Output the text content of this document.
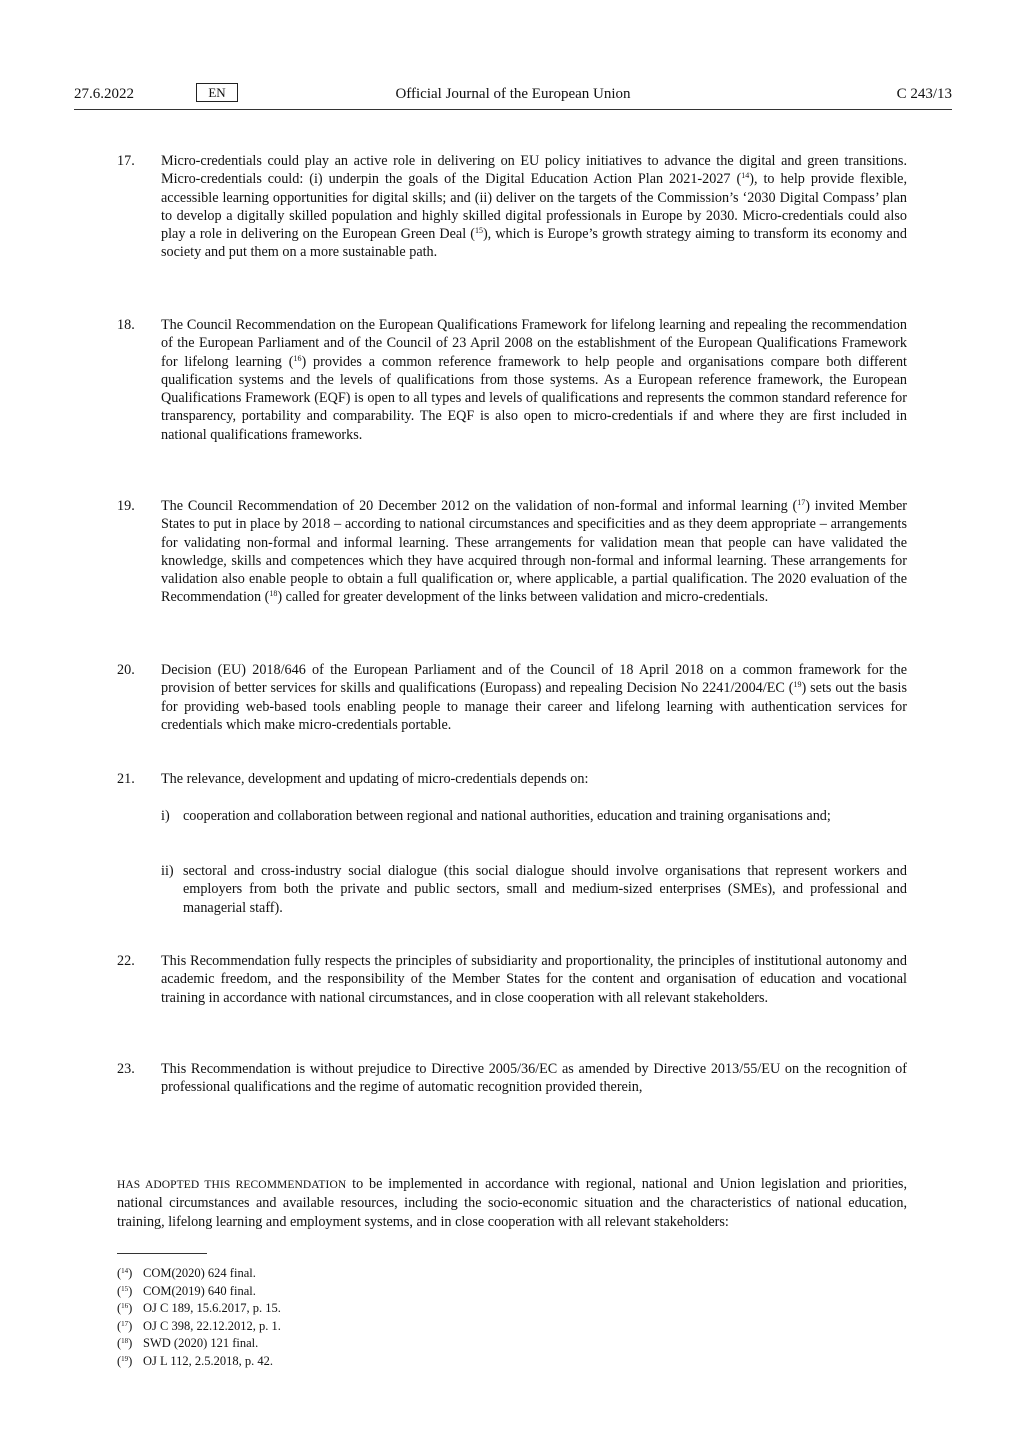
27.6.2022	EN	Official Journal of the European Union	C 243/13
17. Micro-credentials could play an active role in delivering on EU policy initiatives to advance the digital and green transitions. Micro-credentials could: (i) underpin the goals of the Digital Education Action Plan 2021-2027 ($^{14}$), to help provide flexible, accessible learning opportunities for digital skills; and (ii) deliver on the targets of the Commission’s ‘2030 Digital Compass’ plan to develop a digitally skilled population and highly skilled digital professionals in Europe by 2030. Micro-credentials could also play a role in delivering on the European Green Deal ($^{15}$), which is Europe’s growth strategy aiming to transform its economy and society and put them on a more sustainable path.
18. The Council Recommendation on the European Qualifications Framework for lifelong learning and repealing the recommendation of the European Parliament and of the Council of 23 April 2008 on the establishment of the European Qualifications Framework for lifelong learning ($^{16}$) provides a common reference framework to help people and organisations compare both different qualification systems and the levels of qualifications from those systems. As a European reference framework, the European Qualifications Framework (EQF) is open to all types and levels of qualifications and represents the common standard reference for transparency, portability and comparability. The EQF is also open to micro-credentials if and where they are first included in national qualifications frameworks.
19. The Council Recommendation of 20 December 2012 on the validation of non-formal and informal learning ($^{17}$) invited Member States to put in place by 2018 – according to national circumstances and specificities and as they deem appropriate – arrangements for validating non-formal and informal learning. These arrangements for validation mean that people can have validated the knowledge, skills and competences which they have acquired through non-formal and informal learning. These arrangements for validation also enable people to obtain a full qualification or, where applicable, a partial qualification. The 2020 evaluation of the Recommendation ($^{18}$) called for greater development of the links between validation and micro-credentials.
20. Decision (EU) 2018/646 of the European Parliament and of the Council of 18 April 2018 on a common framework for the provision of better services for skills and qualifications (Europass) and repealing Decision No 2241/2004/EC ($^{19}$) sets out the basis for providing web-based tools enabling people to manage their career and lifelong learning with authentication services for credentials which make micro-credentials portable.
21. The relevance, development and updating of micro-credentials depends on:
i) cooperation and collaboration between regional and national authorities, education and training organisations and;
ii) sectoral and cross-industry social dialogue (this social dialogue should involve organisations that represent workers and employers from both the private and public sectors, small and medium-sized enterprises (SMEs), and professional and managerial staff).
22. This Recommendation fully respects the principles of subsidiarity and proportionality, the principles of institutional autonomy and academic freedom, and the responsibility of the Member States for the content and organisation of education and vocational training in accordance with national circumstances, and in close cooperation with all relevant stakeholders.
23. This Recommendation is without prejudice to Directive 2005/36/EC as amended by Directive 2013/55/EU on the recognition of professional qualifications and the regime of automatic recognition provided therein,
HAS ADOPTED THIS RECOMMENDATION to be implemented in accordance with regional, national and Union legislation and priorities, national circumstances and available resources, including the socio-economic situation and the characteristics of national education, training, lifelong learning and employment systems, and in close cooperation with all relevant stakeholders:
($^{14}$) COM(2020) 624 final.
($^{15}$) COM(2019) 640 final.
($^{16}$) OJ C 189, 15.6.2017, p. 15.
($^{17}$) OJ C 398, 22.12.2012, p. 1.
($^{18}$) SWD (2020) 121 final.
($^{19}$) OJ L 112, 2.5.2018, p. 42.
